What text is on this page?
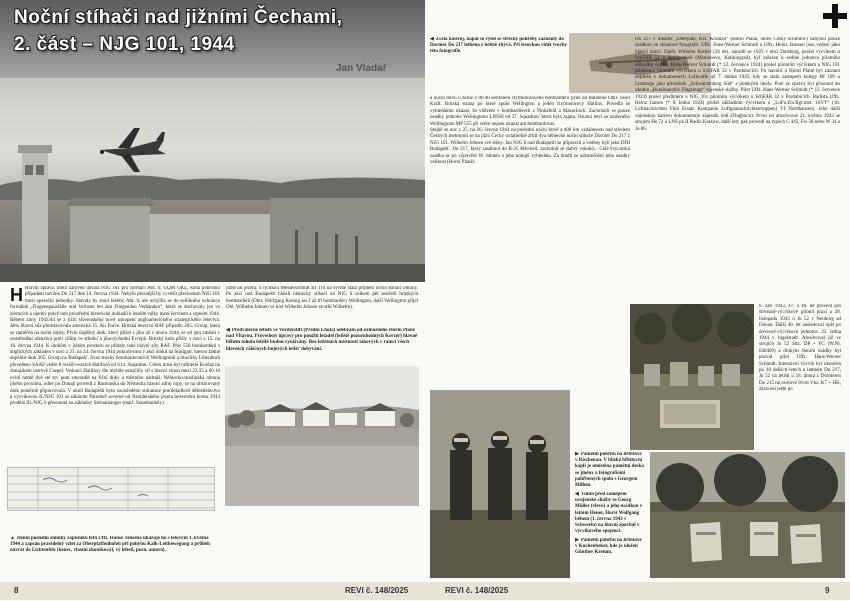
Noční stíhači nad jižními Čechami,
2. část – NJG 101, 1944
Jan Vladař
H Hlavní zpráva, která zároveň dávala NJG 101 pro formaci Abt. 6, GQM OKL, koná pohrobní případem havárie Do 217 dne 14. června 1944. Nebylo přesnější by vyvěšit přechodem NJG 101 mezi operační jednotky. Stávaly by soud klebby Abt. 6, ale uchýlila se do sellibního ochránce formálně „Flugzeugausfälle und Verluste bei den Fliegenden Verbänden“, která se dochovaly jen ve zlomcích a ujedný právě tam prostřední historické dokladů k letadle války mezi červnem a srpnem 1944. Během zimy 1943/44 se z jižní slovenského nové uskupení angloamerického strategického letectva. Jeho hlavní síla představovala americká 15. Air Force. Britská letectvo RAF připadlo 205. Group, která se zaměřila na noční útoky. První úspěšný útok, který přišel z jihu už v únoru 1944, se od jara změnil v soustředění ofenzívu proti cílům ve střední a jihovýchodní Evropě. Britský kolo přišly v noci z 15. na 16. června 1944. K útokům v jižním prostoru se přidaly také hlavní síly RAF. Přes 550 bombardérů s anglických základen v noci z 23. na 24. června 1944 pokračovalo v akcí útokd na Stuttgart, kterou žádné dopšinit útok 205. Group na Budapešť. Svaz stovky bombardovacích Wellingtonů a dvacítky Liberátorů převedeno SAAF vedlo 8 rozšíř-ovacích Halifaxů od 614. Squadron. Cílem mísu byl rafinerie Koolaz na dunajském ostrově Csepel. Vedoucí Halifaxy dle mybíle označilly cíl s hlavní vlnou mezi 23.35 a 00.10 uvidí tamtě dvě sté tzv pum smeradlé na řiční doky a místního nádraží. Německo-maďarská obrana jihého proximu, odlet po Dunaji provedl z Rumunska do Německa hlavní zdroj ropy, se na obrácovaný útok poměrně připravovala. V okolí Budapešti bylo soustředěno sidranské protiletadlové dělostřelectvo a výcvikovou II./NJG 101 se základní Parndorf severně od Neziderského jezera bezerostní kroku 1944 prodělá IIl./NJG 6 přesunutá na základny Steinamanger (maď. Szombathely)
jižně od jezera. S řicítkou Messerschmitt Bf 110 na sychte stala přijdem noční stíhací obrany. Po akci nad Budapeští hlásili německý stíhači od NJG 6 celkem pět sestřelů britských bombardérů (Obit. Wolfgang Kuenig asi 2 až tři bombardéry Wellington, další Wellington přijel Obl. Wilhelm Johnen ve kód Wilhelm Johnen ze stílí Wilhelm).
◀ Předválečné letiště ve Vorderstift (Přední Lhota) odebrání od oxmožného Horní Planě nad Vltavou. Provedeny úpravy pro použití letadel (letiště pozoruhodných Kerzer) hlavně během tohoto letiště budou využívány. Bez letištních místností takových v rámci všech hlavních válečných bojových letišť dobyvání.
▲ Denní poslední zmínky zápisníku letů Uffz. Hanse Jansena ukazuje ho s letovým 1. května 1944 a zapsán pravidelný vzlet za Oberpfaffenhofen při pohybu Kalk-Leitbewegung a průběh návrat do Lichtenfels (konec, vlastní zkoušková), vý lehetl, pozn. autora).
8	REVI č. 148/2025
◀ Zcela nástroj, nápat se vybíl se střechy pohřeby záznamy do Dornier Do 217 letbena z letiště zbývá. Při lesovkou vidět tvorby této fotografie.

a noční bitvu u zerne v 00.40 sestřelem čtyřmotorového bombardéru jižně od Balatonu Obit. Josef Kraft. Britská strana po které spolu Wellington a jeden čtyřmotorový Halifax. Povedla se vyhledáním ukázat, že vítězem v bombardérech z Pinkafeld a Mazurkách. Zachránili se pouze osádky jednoho Wellingtonu LN958 od 37. Squadron, která byla zajata. Ostatní letci ze zničeného Wellingtonu MP 555 při svém nejsou ukázat ani bombardovat.

Stejně se noc z 25. na 26. června 1944 na poslední noční bitvě a 400 km vzdálenosti nad středem Českých metropolí se na jižní Čechy oxlatitelně zřítil dva německé noční stíhače Dornier Do 217 z NJG 101. Wilhelm Johnen své stěny. Jan NJG 6 nad Budapešti se připravili a vedeny byli jako DJH Budapešť. Do 217, který zasáhnul do B-25 Mitchell, zachránit se dobrý vskoků... Celá švýcarská osádka se po výpovědi W. Johnen a jeho kolegů vyhledala. Za hradil se uskutečnění jeho osádky velikost (Horní Planě).

Do 217 v lokalitě „Oberplan, Krs. Krumau“ (Horní Planá, okres Český Krumlov) zahynul pouze osádkou ve skladové fotografii. Uffz. Hans-Werner Schmidt a Uffz. Heinz Janssen jsou vedeni jako hlásící úmrtí. Ogefr. Wilhelm Kettler (26 let), narodil se 1925 v obci Duisburg, prošel výcvikem u SchFAR 51 v Heiligenbeil (Mamonovo, Kaliningrad), byl zařazen k sedmé jednotce pilotního stíhacího vojska. Hans-Werner Schmidt (* 12. července 1924) prošel pilotním výcvikem a NJG 101 přiděleno, pilotním výcvikem u SchFAR 32 v Pardubicích. Po havárii u Horní Plané byl záznam doplněn v dokumentech Luftwaffe až 7. dubna 1945, kdy se stalo zástupem kolegy Bf 109 u Litzbergu jako příslušník „Schwarzenberg Süd“ s plněnými úkoly. Poté ze zprávy byl přesunut do okruhu „Bundesarchiv Flugzeuge“ vojenské služby. Pilot Uffz. Hans-Werner Schmidt (* 12. července 1924) prošel předbitém u NJG 101 pilotním výcvikem u SchFAR 32 v Pardubicích. Radista Uffz. Heinz Jansen (* 9. ledna 1924) prošel základním výcvikem u „LnFu.Ers.Rgt.mot. 16VT“ (18. Luftnachrichten Fluh Ersatz Kompanie Luftgaunachrichtentruppen) VI Nordhausen). Jeho další vojenskou kariéru dokumentuje zápisník letů (Flugbuch). První let absolvoval 21. května 1943 se strojem He 72 u LNS pa II Radio Krakow, další lety pak provedl na typech C 445, Fw 58 nebo W 34 a Ju 86.
6. září 1943, 47. a 48. let provedl pro dovezně-výcvikové pilotní praxi a 28. listopadu 1943 u Ju 52 v Neuburg ad Donau. Další 40. let následoval opět po dovezně-výcvikové jednotce. 22. ledna 1944 v Ingolstadt. Absolvoval již ve strojích Ju 52 Sttz. DP + FC (W.Nr. 640409) a druhým čtením osádky byl pozval pilot Uffz. Hans-Werner Schmidt. Intenzivní výcvik byl ukončen po 10 dalších letech a letmém Do 217, Ju 52 na letišti u 18. dnora z Dornieren Do 215 na ocelové čtvrti Vkz. K7 + HK, zkrácení ještě po
▶ Pamětní pohřbu na hřbitově v Rischenau. V blízké hřbitovní kapli je umístěna pamětní deska se jmény a fotografiemi pohřbených spolu s Georgem Millem.
◀ Tímto před zámepem uvojenské služby se Georg Müller (vlevo) a jeho osádkou v letním Heuer, Horst Wolfgang během (1. června 1943 v Schwerin) na hlavní zpočítal v výcvikového spojenci.
▶ Pamětní pohřbu na hřbitově v Kuchenbeker, kde je uložen Günther Kremm.
REVI č. 148/2025	9
